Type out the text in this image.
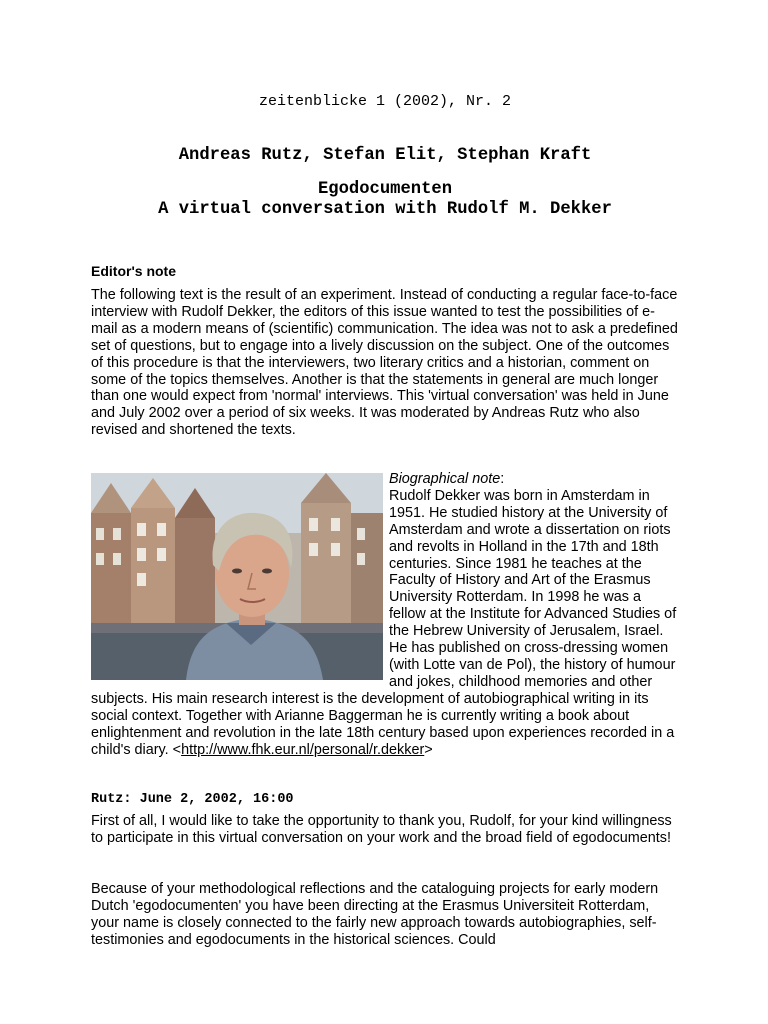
zeitenblicke 1 (2002), Nr. 2
Andreas Rutz, Stefan Elit, Stephan Kraft
Egodocumenten
A virtual conversation with Rudolf M. Dekker
Editor's note

The following text is the result of an experiment. Instead of conducting a regular face-to-face interview with Rudolf Dekker, the editors of this issue wanted to test the possibilities of e-mail as a modern means of (scientific) communication. The idea was not to ask a predefined set of questions, but to engage into a lively discussion on the subject. One of the outcomes of this procedure is that the interviewers, two literary critics and a historian, comment on some of the topics themselves. Another is that the statements in general are much longer than one would expect from 'normal' interviews. This 'virtual conversation' was held in June and July 2002 over a period of six weeks. It was moderated by Andreas Rutz who also revised and shortened the texts.

Biographical note:
Rudolf Dekker was born in Amsterdam in 1951. He studied history at the University of Amsterdam and wrote a dissertation on riots and revolts in Holland in the 17th and 18th centuries. Since 1981 he teaches at the Faculty of History and Art of the Erasmus University Rotterdam. In 1998 he was a fellow at the Institute for Advanced Studies of the Hebrew University of Jerusalem, Israel. He has published on cross-dressing women (with Lotte van de Pol), the history of humour and jokes, childhood memories and other subjects. His main research interest is the development of autobiographical writing in its social context. Together with Arianne Baggerman he is currently writing a book about enlightenment and revolution in the late 18th century based upon experiences recorded in a child's diary. <http://www.fhk.eur.nl/personal/r.dekker>
Rutz: June 2, 2002, 16:00

First of all, I would like to take the opportunity to thank you, Rudolf, for your kind willingness to participate in this virtual conversation on your work and the broad field of egodocuments!

Because of your methodological reflections and the cataloguing projects for early modern Dutch 'egodocumenten' you have been directing at the Erasmus Universiteit Rotterdam, your name is closely connected to the fairly new approach towards autobiographies, self-testimonies and egodocuments in the historical sciences. Could
